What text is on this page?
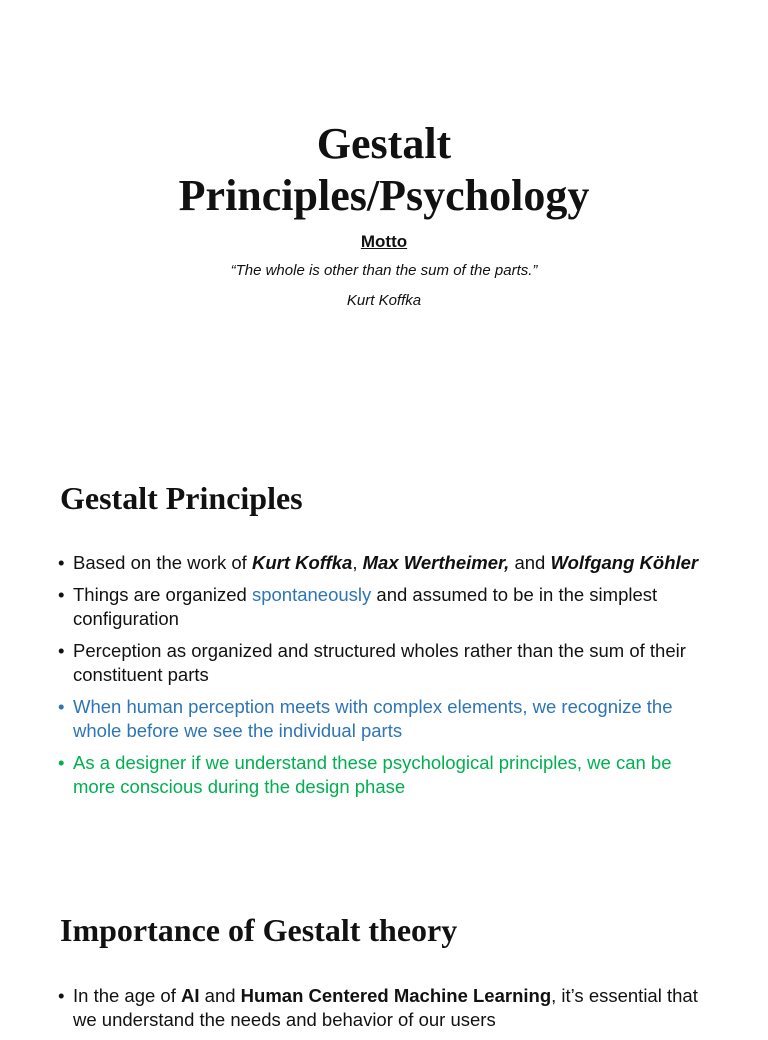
Gestalt
Principles/Psychology
Motto
“The whole is other than the sum of the parts.”
Kurt Koffka
Gestalt Principles
• Based on the work of Kurt Koffka, Max Wertheimer, and Wolfgang Köhler
• Things are organized spontaneously and assumed to be in the simplest configuration
• Perception as organized and structured wholes rather than the sum of their constituent parts
• When human perception meets with complex elements, we recognize the whole before we see the individual parts
• As a designer if we understand these psychological principles, we can be more conscious during the design phase
Importance of Gestalt theory
• In the age of AI and Human Centered Machine Learning, it’s essential that we understand the needs and behavior of our users
